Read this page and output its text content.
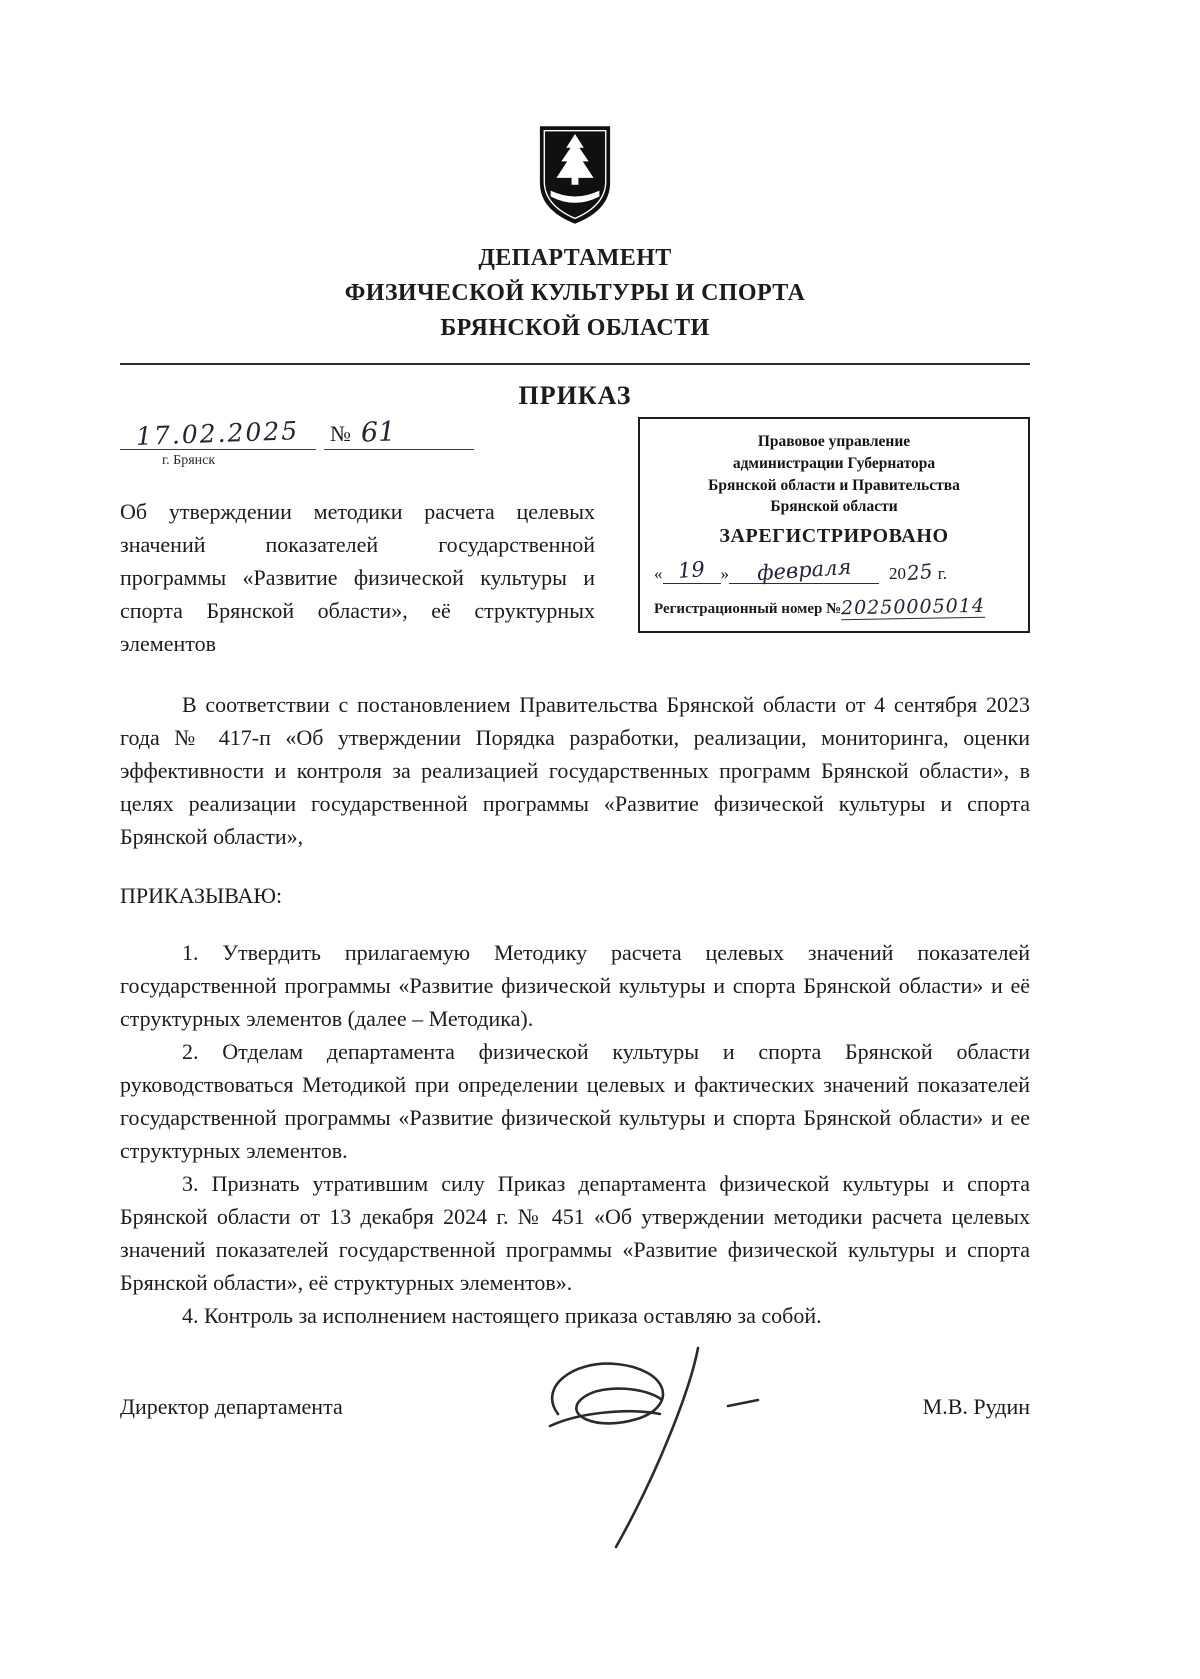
ДЕПАРТАМЕНТ
ФИЗИЧЕСКОЙ КУЛЬТУРЫ И СПОРТА
БРЯНСКОЙ ОБЛАСТИ
ПРИКАЗ
17.02.2025	№ 61
г. Брянск
Об утверждении методики расчета целевых значений показателей государственной программы «Развитие физической культуры и спорта Брянской области», её структурных элементов
Правовое управление
администрации Губернатора
Брянской области и Правительства
Брянской области
ЗАРЕГИСТРИРОВАНО
« 19 »	февраля	2025 г.
Регистрационный номер №20250005014

В соответствии с постановлением Правительства Брянской области от 4 сентября 2023 года № 417-п «Об утверждении Порядка разработки, реализации, мониторинга, оценки эффективности и контроля за реализацией государственных программ Брянской области», в целях реализации государственной программы «Развитие физической культуры и спорта Брянской области»,

ПРИКАЗЫВАЮ:

1. Утвердить прилагаемую Методику расчета целевых значений показателей государственной программы «Развитие физической культуры и спорта Брянской области» и её структурных элементов (далее – Методика).

2. Отделам департамента физической культуры и спорта Брянской области руководствоваться Методикой при определении целевых и фактических значений показателей государственной программы «Развитие физической культуры и спорта Брянской области» и ее структурных элементов.

3. Признать утратившим силу Приказ департамента физической культуры и спорта Брянской области от 13 декабря 2024 г. № 451 «Об утверждении методики расчета целевых значений показателей государственной программы «Развитие физической культуры и спорта Брянской области», её структурных элементов».

4. Контроль за исполнением настоящего приказа оставляю за собой.

Директор департамента	М.В. Рудин
